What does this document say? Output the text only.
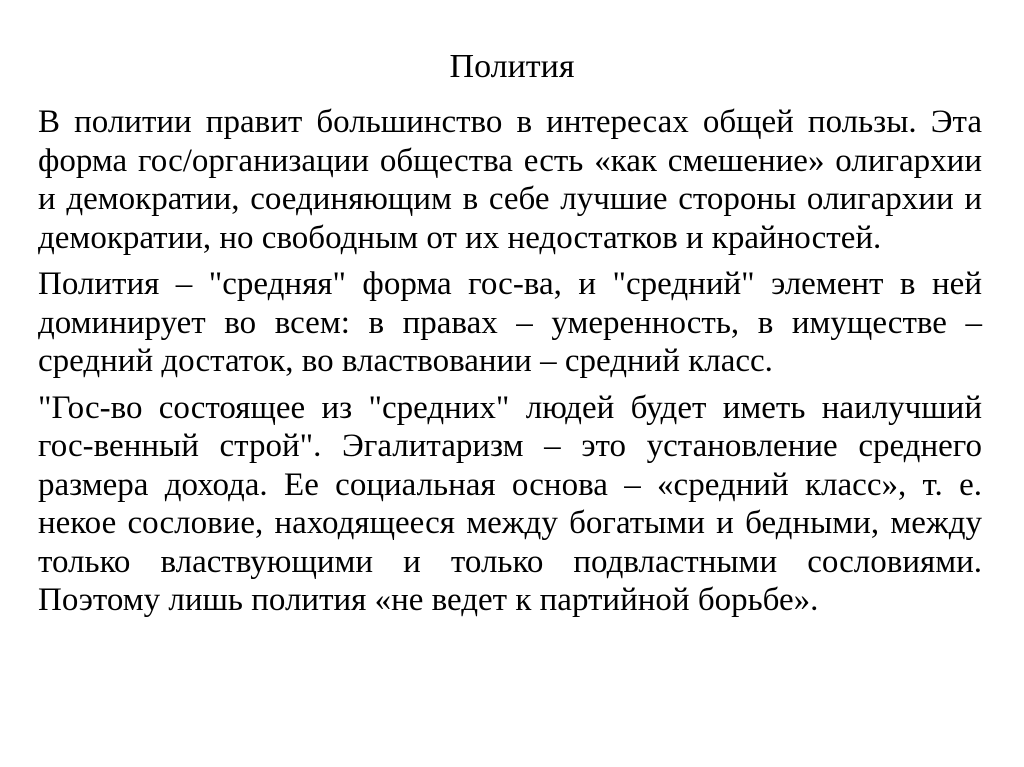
Полития

В политии правит большинство в интересах общей пользы. Эта форма гос/организации общества есть «как смешение» олигархии и демократии, соединяющим в себе лучшие стороны олигархии и демократии, но свободным от их недостатков и крайностей.

Полития – "средняя" форма гос-ва, и "средний" элемент в ней доминирует во всем: в правах – умеренность, в имуществе – средний достаток, во властвовании – средний класс.

"Гос-во состоящее из "средних" людей будет иметь наилучший гос-венный строй". Эгалитаризм – это установление среднего размера дохода. Ее социальная основа – «средний класс», т. е. некое сословие, находящееся между богатыми и бедными, между только властвующими и только подвластными сословиями. Поэтому лишь полития «не ведет к партийной борьбе».
